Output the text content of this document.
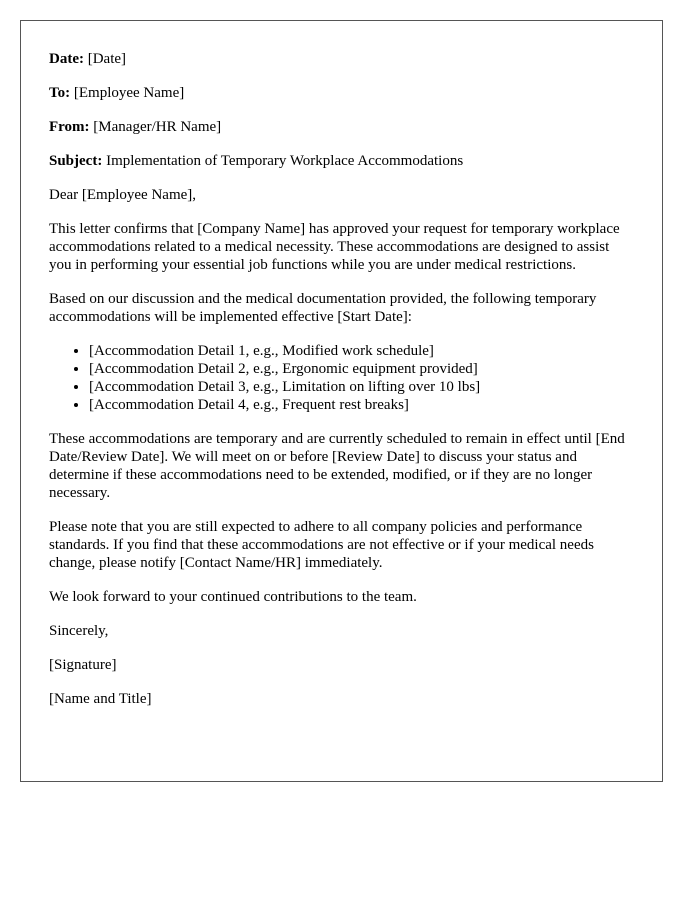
Date: [Date]

To: [Employee Name]

From: [Manager/HR Name]

Subject: Implementation of Temporary Workplace Accommodations

Dear [Employee Name],

This letter confirms that [Company Name] has approved your request for temporary workplace accommodations related to a medical necessity. These accommodations are designed to assist you in performing your essential job functions while you are under medical restrictions.

Based on our discussion and the medical documentation provided, the following temporary accommodations will be implemented effective [Start Date]:

• [Accommodation Detail 1, e.g., Modified work schedule]
• [Accommodation Detail 2, e.g., Ergonomic equipment provided]
• [Accommodation Detail 3, e.g., Limitation on lifting over 10 lbs]
• [Accommodation Detail 4, e.g., Frequent rest breaks]

These accommodations are temporary and are currently scheduled to remain in effect until [End Date/Review Date]. We will meet on or before [Review Date] to discuss your status and determine if these accommodations need to be extended, modified, or if they are no longer necessary.

Please note that you are still expected to adhere to all company policies and performance standards. If you find that these accommodations are not effective or if your medical needs change, please notify [Contact Name/HR] immediately.

We look forward to your continued contributions to the team.

Sincerely,

[Signature]

[Name and Title]
